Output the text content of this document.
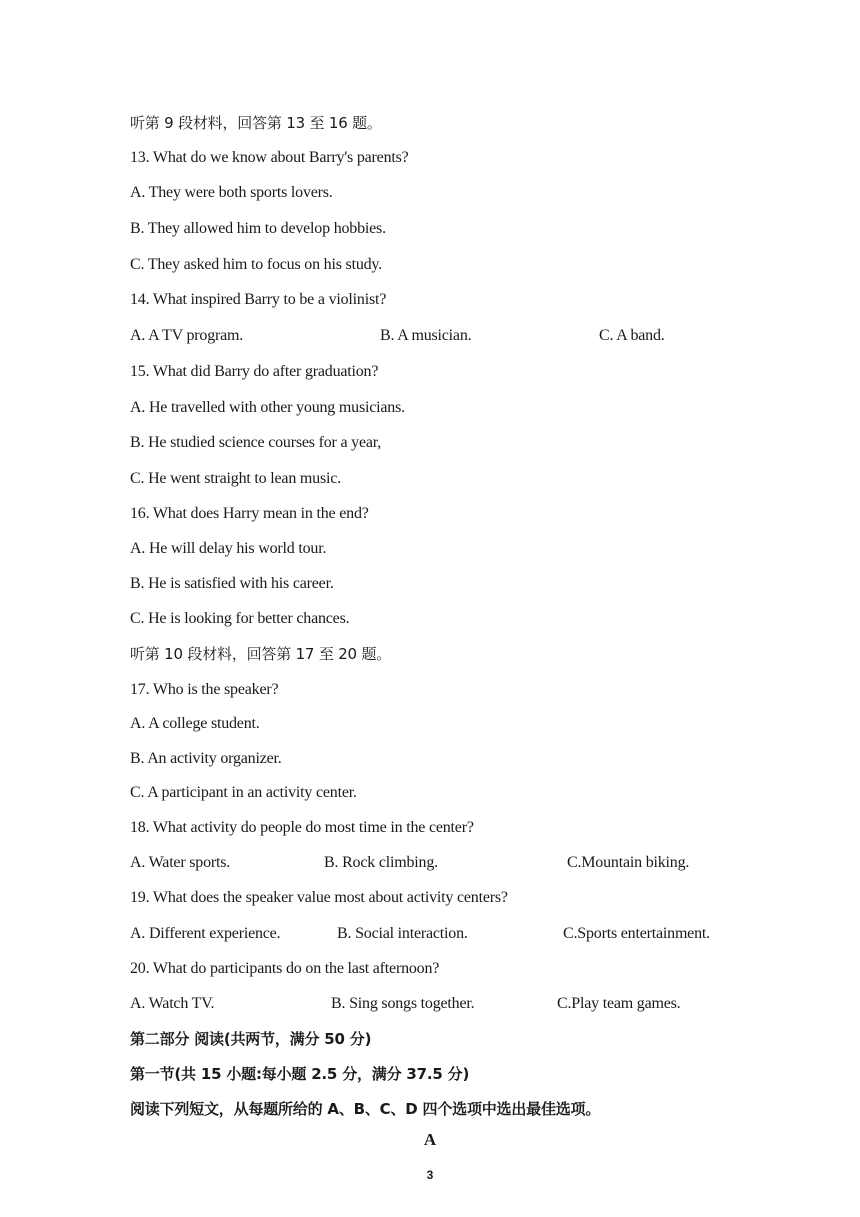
听第 9 段材料，回答第 13 至 16 题。
13. What do we know about Barry's parents?
A. They were both sports lovers.
B. They allowed him to develop hobbies.
C. They asked him to focus on his study.
14. What inspired Barry to be a violinist?
A. A TV program.	B. A musician.	C. A band.
15. What did Barry do after graduation?
A. He travelled with other young musicians.
B. He studied science courses for a year,
C. He went straight to lean music.
16. What does Harry mean in the end?
A. He will delay his world tour.
B. He is satisfied with his career.
C. He is looking for better chances.
听第 10 段材料，回答第 17 至 20 题。
17. Who is the speaker?
A. A college student.
B. An activity organizer.
C. A participant in an activity center.
18. What activity do people do most time in the center?
A. Water sports.	B. Rock climbing.	C.Mountain biking.
19. What does the speaker value most about activity centers?
A. Different experience.	B. Social interaction.	C.Sports entertainment.
20. What do participants do on the last afternoon?
A. Watch TV.	B. Sing songs together.	C.Play team games.
第二部分 阅读(共两节，满分 50 分)
第一节(共 15 小题:每小题 2.5 分，满分 37.5 分)
阅读下列短文，从每题所给的 A、B、C、D 四个选项中选出最佳选项。
A
3
